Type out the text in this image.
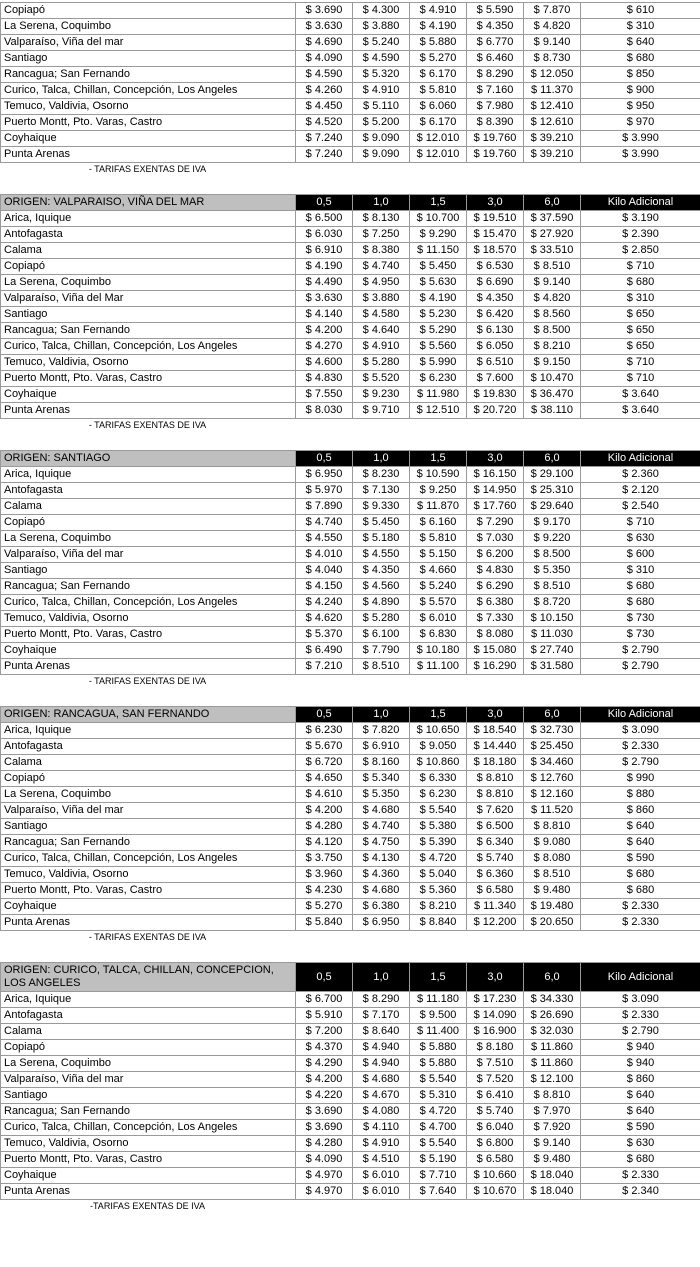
Copiapó	$ 3.690	$ 4.300	$ 4.910	$ 5.590	$ 7.870	$ 610
La Serena, Coquimbo	$ 3.630	$ 3.880	$ 4.190	$ 4.350	$ 4.820	$ 310
Valparaíso, Viña del mar	$ 4.690	$ 5.240	$ 5.880	$ 6.770	$ 9.140	$ 640
Santiago	$ 4.090	$ 4.590	$ 5.270	$ 6.460	$ 8.730	$ 680
Rancagua; San Fernando	$ 4.590	$ 5.320	$ 6.170	$ 8.290	$ 12.050	$ 850
Curico, Talca, Chillan, Concepción, Los Angeles	$ 4.260	$ 4.910	$ 5.810	$ 7.160	$ 11.370	$ 900
Temuco, Valdivia, Osorno	$ 4.450	$ 5.110	$ 6.060	$ 7.980	$ 12.410	$ 950
Puerto Montt, Pto. Varas, Castro	$ 4.520	$ 5.200	$ 6.170	$ 8.390	$ 12.610	$ 970
Coyhaique	$ 7.240	$ 9.090	$ 12.010	$ 19.760	$ 39.210	$ 3.990
Punta Arenas	$ 7.240	$ 9.090	$ 12.010	$ 19.760	$ 39.210	$ 3.990
- TARIFAS EXENTAS DE IVA
ORIGEN: VALPARAISO, VIÑA DEL MAR	0,5	1,0	1,5	3,0	6,0	Kilo Adicional
Arica, Iquique	$ 6.500	$ 8.130	$ 10.700	$ 19.510	$ 37.590	$ 3.190
Antofagasta	$ 6.030	$ 7.250	$ 9.290	$ 15.470	$ 27.920	$ 2.390
Calama	$ 6.910	$ 8.380	$ 11.150	$ 18.570	$ 33.510	$ 2.850
Copiapó	$ 4.190	$ 4.740	$ 5.450	$ 6.530	$ 8.510	$ 710
La Serena, Coquimbo	$ 4.490	$ 4.950	$ 5.630	$ 6.690	$ 9.140	$ 680
Valparaíso, Viña del Mar	$ 3.630	$ 3.880	$ 4.190	$ 4.350	$ 4.820	$ 310
Santiago	$ 4.140	$ 4.580	$ 5.230	$ 6.420	$ 8.560	$ 650
Rancagua; San Fernando	$ 4.200	$ 4.640	$ 5.290	$ 6.130	$ 8.500	$ 650
Curico, Talca, Chillan, Concepción, Los Angeles	$ 4.270	$ 4.910	$ 5.560	$ 6.050	$ 8.210	$ 650
Temuco, Valdivia, Osorno	$ 4.600	$ 5.280	$ 5.990	$ 6.510	$ 9.150	$ 710
Puerto Montt, Pto. Varas, Castro	$ 4.830	$ 5.520	$ 6.230	$ 7.600	$ 10.470	$ 710
Coyhaique	$ 7.550	$ 9.230	$ 11.980	$ 19.830	$ 36.470	$ 3.640
Punta Arenas	$ 8.030	$ 9.710	$ 12.510	$ 20.720	$ 38.110	$ 3.640
- TARIFAS EXENTAS DE IVA
ORIGEN: SANTIAGO	0,5	1,0	1,5	3,0	6,0	Kilo Adicional
Arica, Iquique	$ 6.950	$ 8.230	$ 10.590	$ 16.150	$ 29.100	$ 2.360
Antofagasta	$ 5.970	$ 7.130	$ 9.250	$ 14.950	$ 25.310	$ 2.120
Calama	$ 7.890	$ 9.330	$ 11.870	$ 17.760	$ 29.640	$ 2.540
Copiapó	$ 4.740	$ 5.450	$ 6.160	$ 7.290	$ 9.170	$ 710
La Serena, Coquimbo	$ 4.550	$ 5.180	$ 5.810	$ 7.030	$ 9.220	$ 630
Valparaíso, Viña del mar	$ 4.010	$ 4.550	$ 5.150	$ 6.200	$ 8.500	$ 600
Santiago	$ 4.040	$ 4.350	$ 4.660	$ 4.830	$ 5.350	$ 310
Rancagua; San Fernando	$ 4.150	$ 4.560	$ 5.240	$ 6.290	$ 8.510	$ 680
Curico, Talca, Chillan, Concepción, Los Angeles	$ 4.240	$ 4.890	$ 5.570	$ 6.380	$ 8.720	$ 680
Temuco, Valdivia, Osorno	$ 4.620	$ 5.280	$ 6.010	$ 7.330	$ 10.150	$ 730
Puerto Montt, Pto. Varas, Castro	$ 5.370	$ 6.100	$ 6.830	$ 8.080	$ 11.030	$ 730
Coyhaique	$ 6.490	$ 7.790	$ 10.180	$ 15.080	$ 27.740	$ 2.790
Punta Arenas	$ 7.210	$ 8.510	$ 11.100	$ 16.290	$ 31.580	$ 2.790
- TARIFAS EXENTAS DE IVA
ORIGEN: RANCAGUA, SAN FERNANDO	0,5	1,0	1,5	3,0	6,0	Kilo Adicional
Arica, Iquique	$ 6.230	$ 7.820	$ 10.650	$ 18.540	$ 32.730	$ 3.090
Antofagasta	$ 5.670	$ 6.910	$ 9.050	$ 14.440	$ 25.450	$ 2.330
Calama	$ 6.720	$ 8.160	$ 10.860	$ 18.180	$ 34.460	$ 2.790
Copiapó	$ 4.650	$ 5.340	$ 6.330	$ 8.810	$ 12.760	$ 990
La Serena, Coquimbo	$ 4.610	$ 5.350	$ 6.230	$ 8.810	$ 12.160	$ 880
Valparaíso, Viña del mar	$ 4.200	$ 4.680	$ 5.540	$ 7.620	$ 11.520	$ 860
Santiago	$ 4.280	$ 4.740	$ 5.380	$ 6.500	$ 8.810	$ 640
Rancagua; San Fernando	$ 4.120	$ 4.750	$ 5.390	$ 6.340	$ 9.080	$ 640
Curico, Talca, Chillan, Concepción, Los Angeles	$ 3.750	$ 4.130	$ 4.720	$ 5.740	$ 8.080	$ 590
Temuco, Valdivia, Osorno	$ 3.960	$ 4.360	$ 5.040	$ 6.360	$ 8.510	$ 680
Puerto Montt, Pto. Varas, Castro	$ 4.230	$ 4.680	$ 5.360	$ 6.580	$ 9.480	$ 680
Coyhaique	$ 5.270	$ 6.380	$ 8.210	$ 11.340	$ 19.480	$ 2.330
Punta Arenas	$ 5.840	$ 6.950	$ 8.840	$ 12.200	$ 20.650	$ 2.330
- TARIFAS EXENTAS DE IVA
ORIGEN: CURICO, TALCA, CHILLAN, CONCEPCION, LOS ANGELES	0,5	1,0	1,5	3,0	6,0	Kilo Adicional
Arica, Iquique	$ 6.700	$ 8.290	$ 11.180	$ 17.230	$ 34.330	$ 3.090
Antofagasta	$ 5.910	$ 7.170	$ 9.500	$ 14.090	$ 26.690	$ 2.330
Calama	$ 7.200	$ 8.640	$ 11.400	$ 16.900	$ 32.030	$ 2.790
Copiapó	$ 4.370	$ 4.940	$ 5.880	$ 8.180	$ 11.860	$ 940
La Serena, Coquimbo	$ 4.290	$ 4.940	$ 5.880	$ 7.510	$ 11.860	$ 940
Valparaíso, Viña del mar	$ 4.200	$ 4.680	$ 5.540	$ 7.520	$ 12.100	$ 860
Santiago	$ 4.220	$ 4.670	$ 5.310	$ 6.410	$ 8.810	$ 640
Rancagua; San Fernando	$ 3.690	$ 4.080	$ 4.720	$ 5.740	$ 7.970	$ 640
Curico, Talca, Chillan, Concepción, Los Angeles	$ 3.690	$ 4.110	$ 4.700	$ 6.040	$ 7.920	$ 590
Temuco, Valdivia, Osorno	$ 4.280	$ 4.910	$ 5.540	$ 6.800	$ 9.140	$ 630
Puerto Montt, Pto. Varas, Castro	$ 4.090	$ 4.510	$ 5.190	$ 6.580	$ 9.480	$ 680
Coyhaique	$ 4.970	$ 6.010	$ 7.710	$ 10.660	$ 18.040	$ 2.330
Punta Arenas	$ 4.970	$ 6.010	$ 7.640	$ 10.670	$ 18.040	$ 2.340
-TARIFAS EXENTAS DE IVA
